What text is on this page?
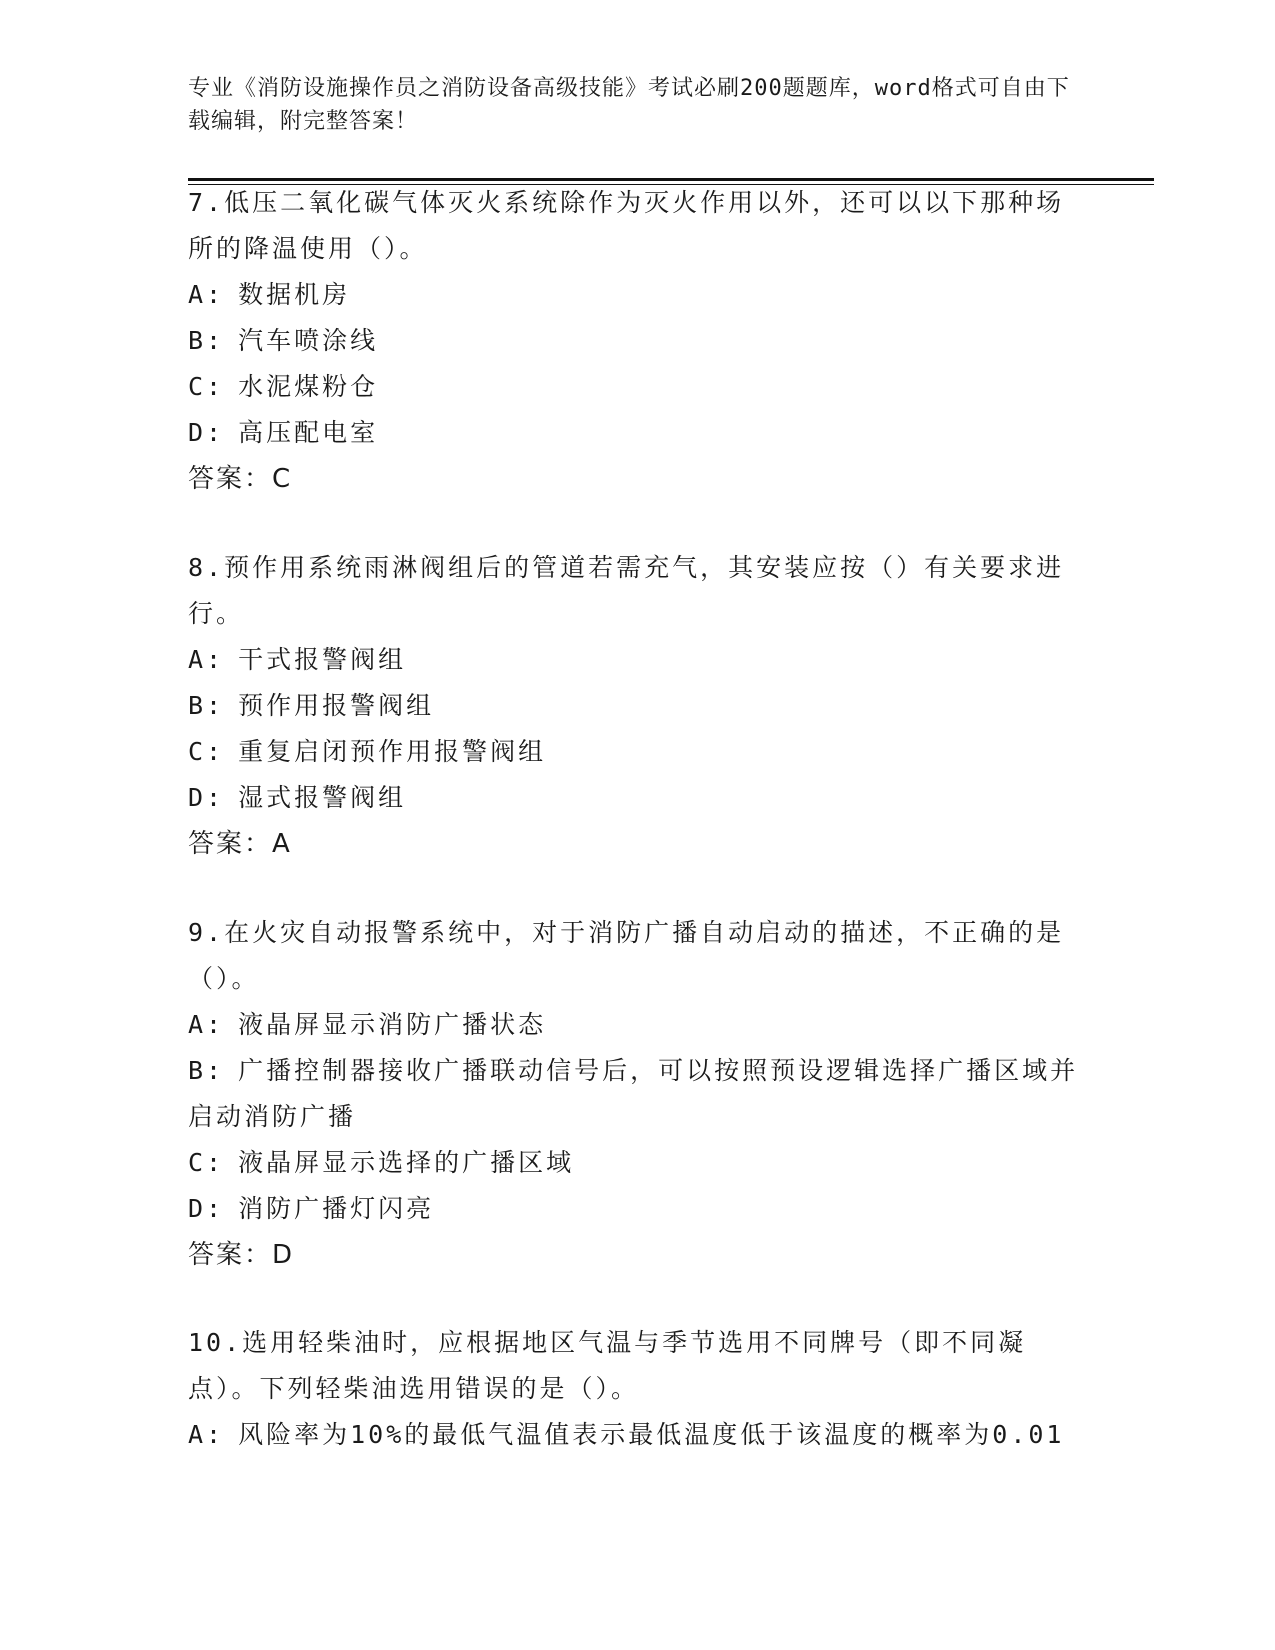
专业《消防设施操作员之消防设备高级技能》考试必刷200题题库，word格式可自由下载编辑，附完整答案！

7.低压二氧化碳气体灭火系统除作为灭火作用以外，还可以以下那种场所的降温使用（）。

A: 数据机房

B: 汽车喷涂线

C: 水泥煤粉仓

D: 高压配电室

答案：C

8.预作用系统雨淋阀组后的管道若需充气，其安装应按（）有关要求进行。

A: 干式报警阀组

B: 预作用报警阀组

C: 重复启闭预作用报警阀组

D: 湿式报警阀组

答案：A

9.在火灾自动报警系统中，对于消防广播自动启动的描述，不正确的是（）。

A: 液晶屏显示消防广播状态

B: 广播控制器接收广播联动信号后，可以按照预设逻辑选择广播区域并启动消防广播

C: 液晶屏显示选择的广播区域

D: 消防广播灯闪亮

答案：D

10.选用轻柴油时，应根据地区气温与季节选用不同牌号（即不同凝点）。下列轻柴油选用错误的是（）。

A: 风险率为10%的最低气温值表示最低温度低于该温度的概率为0.01
